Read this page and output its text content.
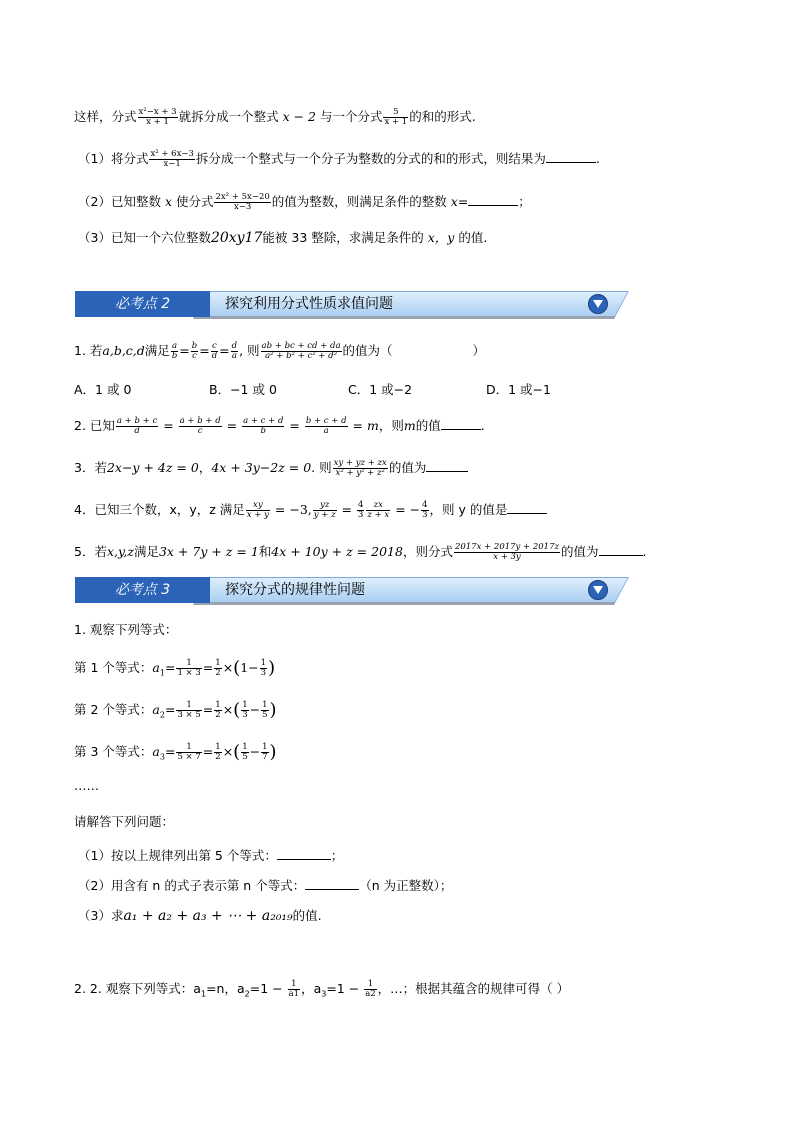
这样，分式 $\frac{\text{x²−x + 3}}{x + 1}$ 就拆分成一个整式 x − 2 与一个分式 $\frac{5}{x + 1}$ 的和的形式.
（1）将分式 $\frac{\text{x² + 6x−3}}{x-1}$ 拆分成一个整式与一个分子为整数的分式的和的形式，则结果为	.
（2）已知整数 x 使分式 $\frac{\text{2x² + 5x−20}}{x-3}$ 的值为整数，则满足条件的整数 x=	；
（3）已知一个六位整数20xy17能被 33 整除，求满足条件的 x，y 的值.
必考点 2	探究利用分式性质求值问题
1. 若a,b,c,d满足 $\frac{a}{b} = \frac{b}{c} = \frac{c}{d} = \frac{d}{a}$ , 则 $\frac{ab + bc + cd + da}{\text{a² + b² + c² + d²}}$ 的值为（	）
A．1 或 0	B．−1 或 0	C．1 或−2	D．1 或−1
2. 已知 $\frac{a + b + c}{d} = \frac{a + b + d}{c} = \frac{a + c + d}{b} = \frac{b + c + d}{a} = m$，则m的值	.
3．若2x−y + 4z = 0，4x + 3y−2z = 0. 则 $\frac{xy + yz + zx}{\text{x² + y² + z²}}$ 的值为
4．已知三个数，x，y，z 满足 $\frac{xy}{x + y} = -3$, $\frac{yz}{y + z} = \frac{4}{3} \frac{zx}{z + x}$ = − $\frac{4}{3}$ ，则 y 的值是
5．若x,y,z满足3x + 7y + z = 1和4x + 10y + z = 2018，则分式 $\frac{2017x + 2017y + 2017z}{x + 3y}$ 的值为	.
必考点 3	探究分式的规律性问题
1. 观察下列等式：
第 1 个等式：$a_1= \frac{1}{1 \times 3} = \frac{1}{2} \times(1- \frac{1}{3}$ )
第 2 个等式：$a_2= \frac{1}{3 \times 5} = \frac{1}{2}$ ×( $\frac{1}{3} - \frac{1}{5}$ )
第 3 个等式：$a_3= \frac{1}{5 \times 7} = \frac{1}{2}$ ×( $\frac{1}{5} - \frac{1}{7}$ )
……
请解答下列问题：
（1）按以上规律列出第 5 个等式：	；
（2）用含有 n 的式子表示第 n 个等式：	（n 为正整数）；
（3）求a₁ + a₂ + a₃ + ⋯ + a₂₀₁₉的值.
2. 2. 观察下列等式：$a_1=n$，$a_2=1 - \frac{1}{a1}$ ，$a_3=1 - \frac{1}{a2}$ ，…；根据其蕴含的规律可得（ ）
